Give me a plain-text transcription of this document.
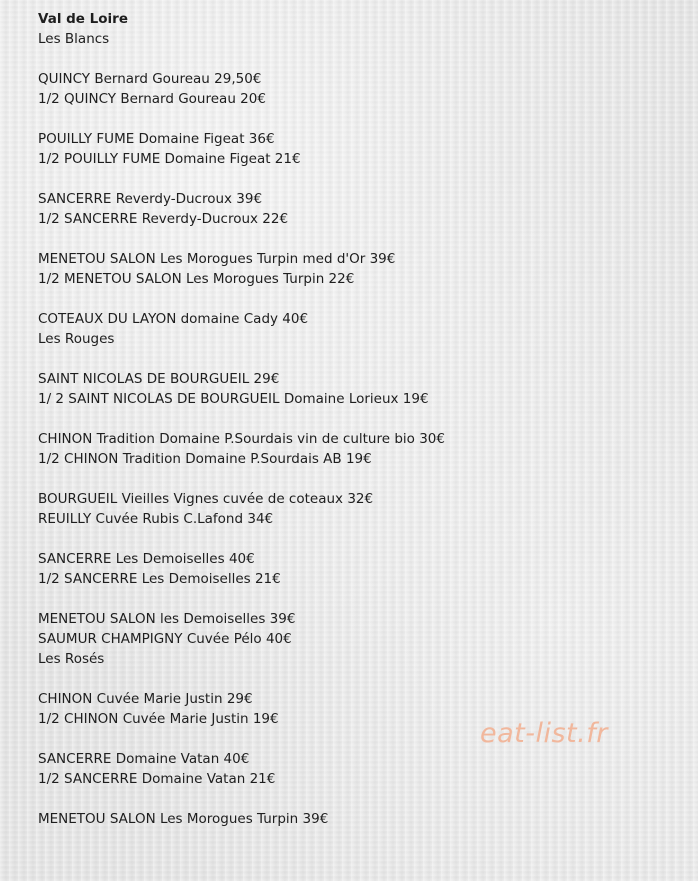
Val de Loire
Les Blancs
QUINCY Bernard Goureau 29,50€
1/2 QUINCY Bernard Goureau 20€
POUILLY FUME Domaine Figeat 36€
1/2 POUILLY FUME Domaine Figeat 21€
SANCERRE Reverdy-Ducroux 39€
1/2 SANCERRE Reverdy-Ducroux 22€
MENETOU SALON Les Morogues Turpin med d'Or 39€
1/2 MENETOU SALON Les Morogues Turpin 22€
COTEAUX DU LAYON domaine Cady 40€
Les Rouges
SAINT NICOLAS DE BOURGUEIL 29€
1/ 2 SAINT NICOLAS DE BOURGUEIL Domaine Lorieux 19€
CHINON Tradition Domaine P.Sourdais vin de culture bio 30€
1/2 CHINON Tradition Domaine P.Sourdais AB 19€
BOURGUEIL Vieilles Vignes cuvée de coteaux 32€
REUILLY Cuvée Rubis C.Lafond 34€
SANCERRE Les Demoiselles 40€
1/2 SANCERRE Les Demoiselles 21€
MENETOU SALON les Demoiselles 39€
SAUMUR CHAMPIGNY Cuvée Pélo 40€
Les Rosés
CHINON Cuvée Marie Justin 29€
1/2 CHINON Cuvée Marie Justin 19€
SANCERRE Domaine Vatan 40€
1/2 SANCERRE Domaine Vatan 21€
MENETOU SALON Les Morogues Turpin 39€
eat-list.fr
